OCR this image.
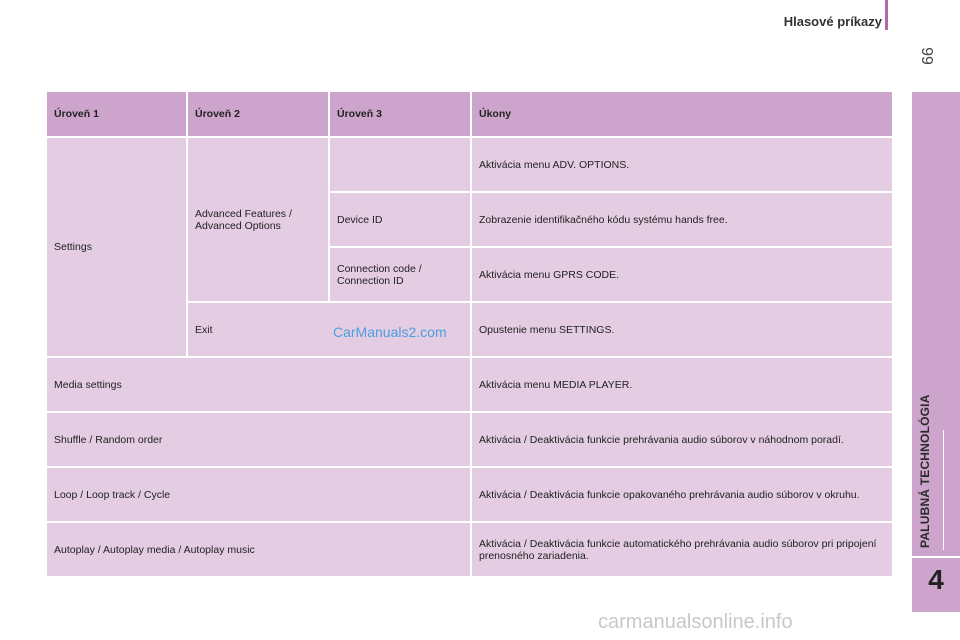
Hlasové príkazy
99
PALUBNÁ TECHNOLÓGIA
4
Úroveň 1	Úroveň 2	Úroveň 3	Úkony
Settings	Advanced Features / Advanced Options		Aktivácia menu ADV. OPTIONS.
		Device ID	Zobrazenie identifikačného kódu systému hands free.
		Connection code / Connection ID	Aktivácia menu GPRS CODE.
	Exit		Opustenie menu SETTINGS.
Media settings			Aktivácia menu MEDIA PLAYER.
Shuffle / Random order			Aktivácia / Deaktivácia funkcie prehrávania audio súborov v náhodnom poradí.
Loop / Loop track / Cycle			Aktivácia / Deaktivácia funkcie opakovaného prehrávania audio súborov v okruhu.
Autoplay / Autoplay media / Autoplay music			Aktivácia / Deaktivácia funkcie automatického prehrávania audio súborov pri pripojení prenosného zariadenia.
CarManuals2.com
carmanualsonline.info
